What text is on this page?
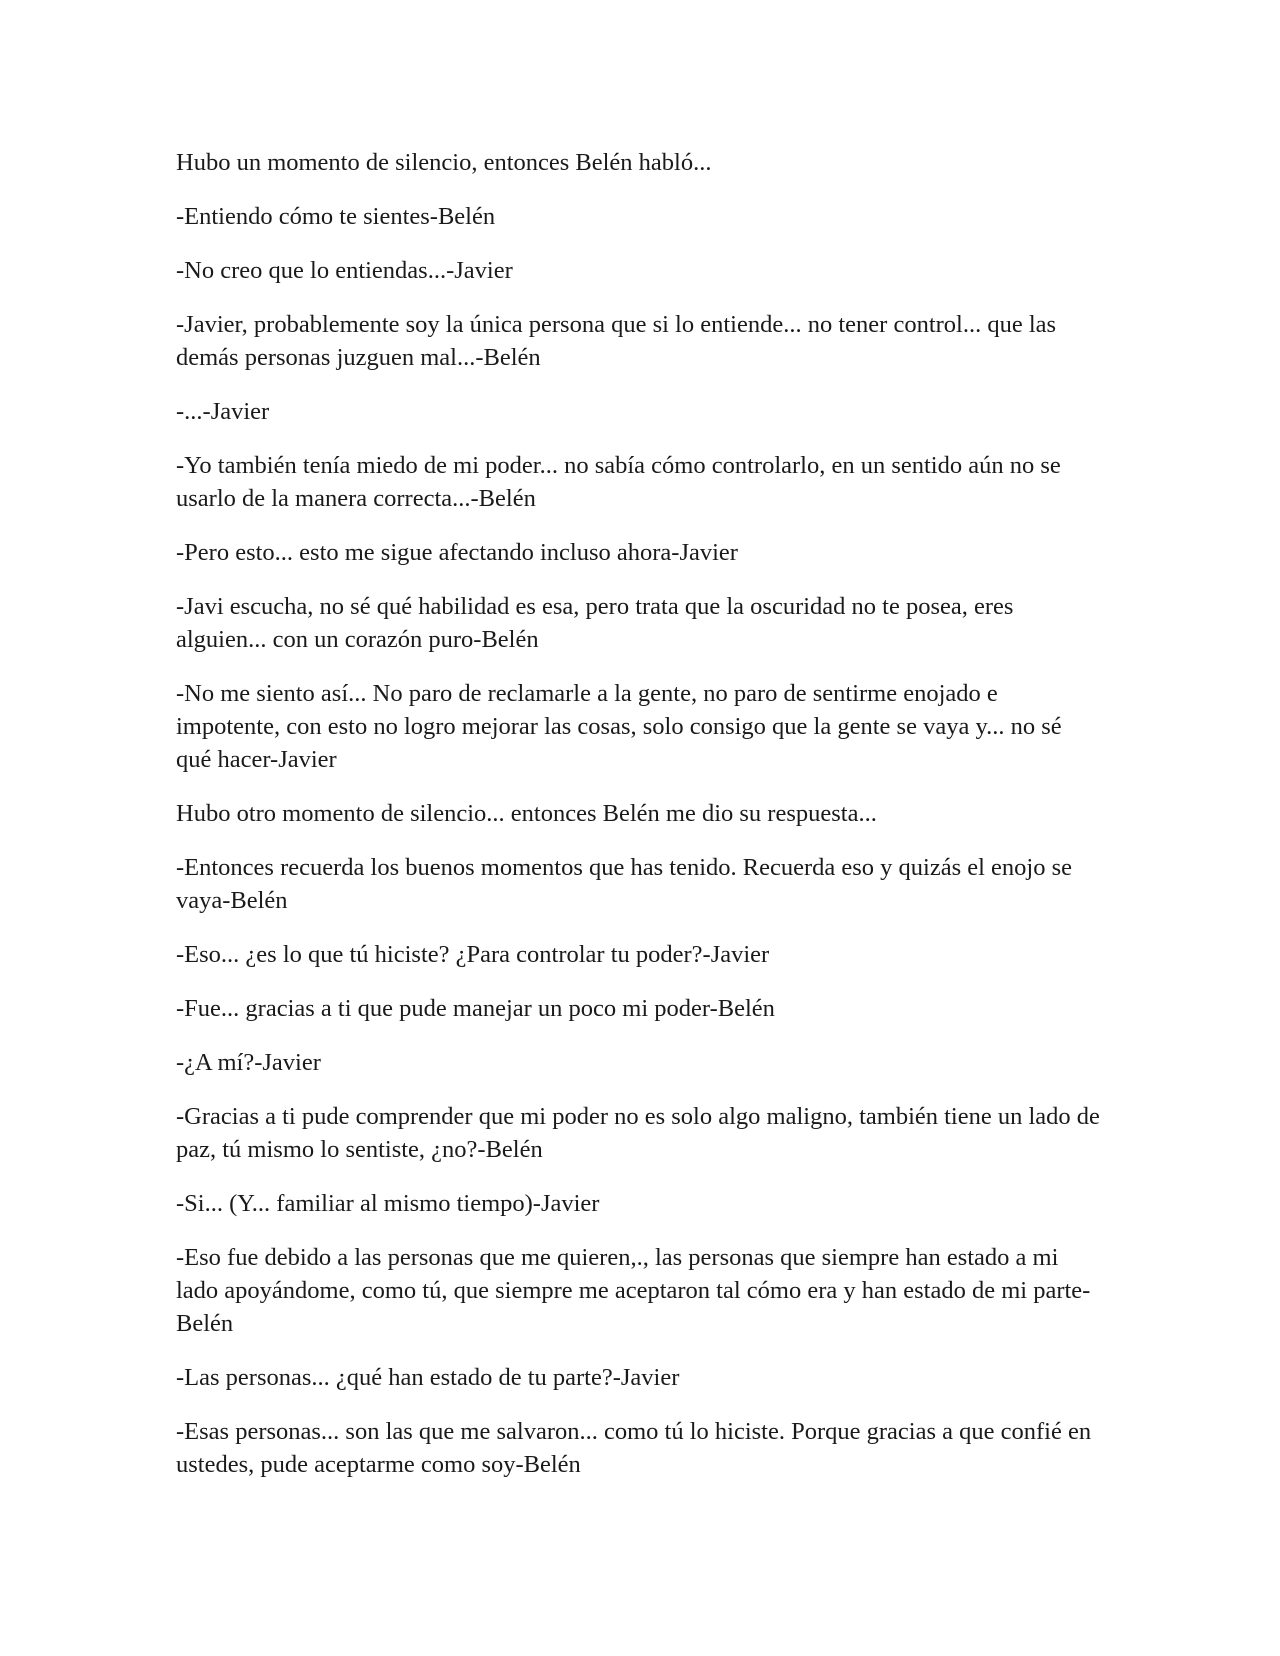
Hubo un momento de silencio, entonces Belén habló...

-Entiendo cómo te sientes-Belén

-No creo que lo entiendas...-Javier

-Javier, probablemente soy la única persona que si lo entiende... no tener control... que las demás personas juzguen mal...-Belén

-...-Javier

-Yo también tenía miedo de mi poder... no sabía cómo controlarlo, en un sentido aún no se usarlo de la manera correcta...-Belén

-Pero esto... esto me sigue afectando incluso ahora-Javier

-Javi escucha, no sé qué habilidad es esa, pero trata que la oscuridad no te posea, eres alguien... con un corazón puro-Belén

-No me siento así... No paro de reclamarle a la gente, no paro de sentirme enojado e impotente, con esto no logro mejorar las cosas, solo consigo que la gente se vaya y... no sé qué hacer-Javier

Hubo otro momento de silencio... entonces Belén me dio su respuesta...

-Entonces recuerda los buenos momentos que has tenido. Recuerda eso y quizás el enojo se vaya-Belén

-Eso... ¿es lo que tú hiciste? ¿Para controlar tu poder?-Javier

-Fue... gracias a ti que pude manejar un poco mi poder-Belén

-¿A mí?-Javier

-Gracias a ti pude comprender que mi poder no es solo algo maligno, también tiene un lado de paz, tú mismo lo sentiste, ¿no?-Belén

-Si... (Y... familiar al mismo tiempo)-Javier

-Eso fue debido a las personas que me quieren,., las personas que siempre han estado a mi lado apoyándome, como tú, que siempre me aceptaron tal cómo era y han estado de mi parte-Belén

-Las personas... ¿qué han estado de tu parte?-Javier

-Esas personas... son las que me salvaron... como tú lo hiciste. Porque gracias a que confié en ustedes, pude aceptarme como soy-Belén
